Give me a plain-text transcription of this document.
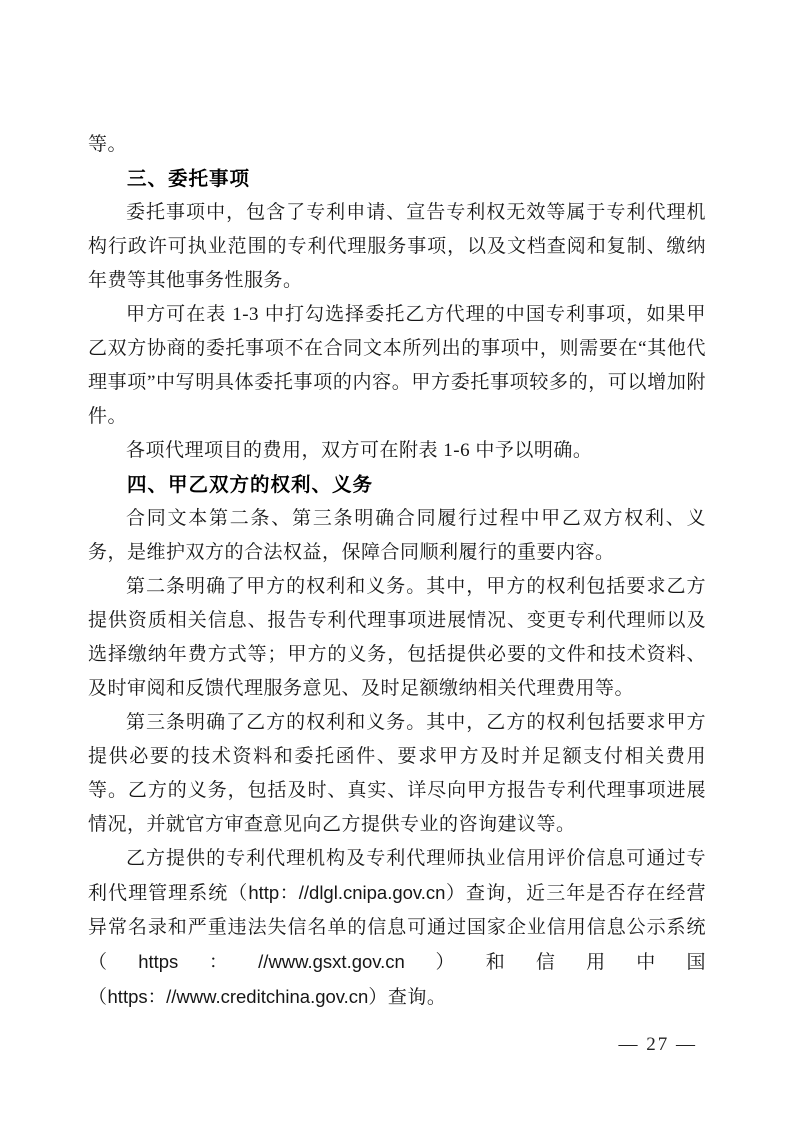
等。

三、委托事项

委托事项中，包含了专利申请、宣告专利权无效等属于专利代理机构行政许可执业范围的专利代理服务事项，以及文档查阅和复制、缴纳年费等其他事务性服务。

甲方可在表 1-3 中打勾选择委托乙方代理的中国专利事项，如果甲乙双方协商的委托事项不在合同文本所列出的事项中，则需要在“其他代理事项”中写明具体委托事项的内容。甲方委托事项较多的，可以增加附件。

各项代理项目的费用，双方可在附表 1-6 中予以明确。

四、甲乙双方的权利、义务

合同文本第二条、第三条明确合同履行过程中甲乙双方权利、义务，是维护双方的合法权益，保障合同顺利履行的重要内容。

第二条明确了甲方的权利和义务。其中，甲方的权利包括要求乙方提供资质相关信息、报告专利代理事项进展情况、变更专利代理师以及选择缴纳年费方式等；甲方的义务，包括提供必要的文件和技术资料、及时审阅和反馈代理服务意见、及时足额缴纳相关代理费用等。

第三条明确了乙方的权利和义务。其中，乙方的权利包括要求甲方提供必要的技术资料和委托函件、要求甲方及时并足额支付相关费用等。乙方的义务，包括及时、真实、详尽向甲方报告专利代理事项进展情况，并就官方审查意见向乙方提供专业的咨询建议等。

乙方提供的专利代理机构及专利代理师执业信用评价信息可通过专利代理管理系统（http：//dlgl.cnipa.gov.cn）查询，近三年是否存在经营异常名录和严重违法失信名单的信息可通过国家企业信用信息公示系统（https：//www.gsxt.gov.cn）和信用中国（https：//www.creditchina.gov.cn）查询。

— 27 —
